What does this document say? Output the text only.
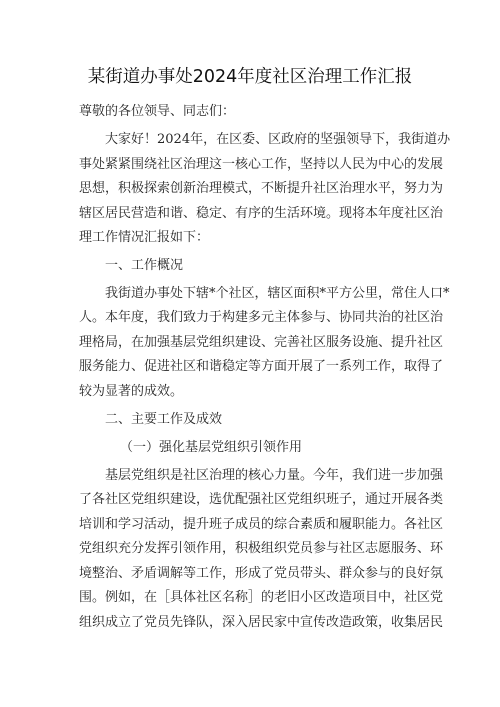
某街道办事处2024年度社区治理工作汇报
尊敬的各位领导、同志们：
大家好！2024年，在区委、区政府的坚强领导下，我街道办
事处紧紧围绕社区治理这一核心工作，坚持以人民为中心的发展
思想，积极探索创新治理模式，不断提升社区治理水平，努力为
辖区居民营造和谐、稳定、有序的生活环境。现将本年度社区治
理工作情况汇报如下：
一、工作概况
我街道办事处下辖*个社区，辖区面积*平方公里，常住人口*
人。本年度，我们致力于构建多元主体参与、协同共治的社区治
理格局，在加强基层党组织建设、完善社区服务设施、提升社区
服务能力、促进社区和谐稳定等方面开展了一系列工作，取得了
较为显著的成效。
二、主要工作及成效
（一）强化基层党组织引领作用
基层党组织是社区治理的核心力量。今年，我们进一步加强
了各社区党组织建设，选优配强社区党组织班子，通过开展各类
培训和学习活动，提升班子成员的综合素质和履职能力。各社区
党组织充分发挥引领作用，积极组织党员参与社区志愿服务、环
境整治、矛盾调解等工作，形成了党员带头、群众参与的良好氛
围。例如，在［具体社区名称］的老旧小区改造项目中，社区党
组织成立了党员先锋队，深入居民家中宣传改造政策，收集居民
